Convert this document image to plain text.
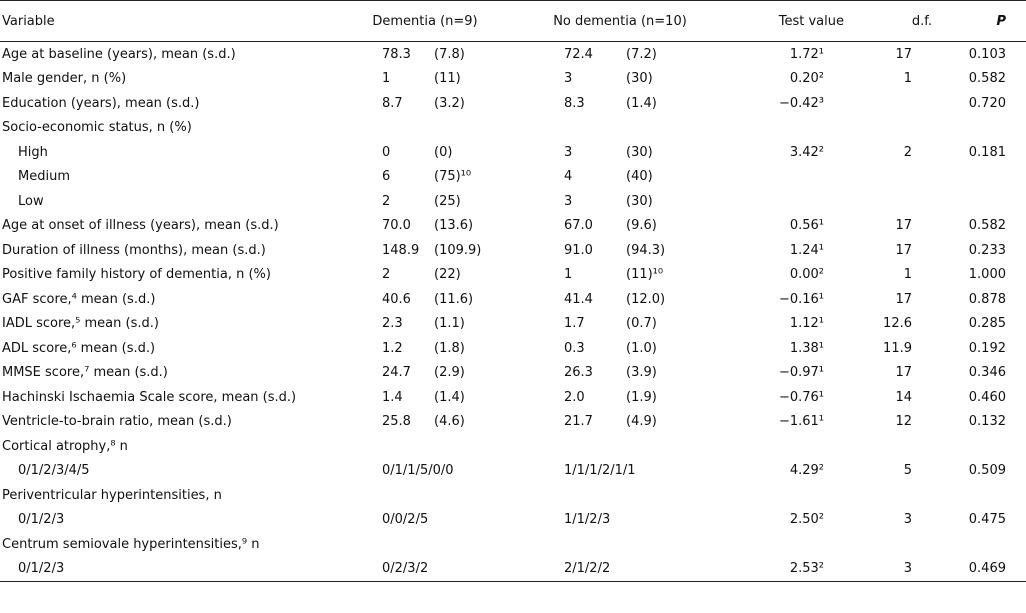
Variable	Dementia (n=9)	No dementia (n=10)	Test value	d.f.	P
Age at baseline (years), mean (s.d.)	78.3 (7.8)	72.4 (7.2)	1.72¹	17	0.103
Male gender, n (%)	1 (11)	3 (30)	0.20²	1	0.582
Education (years), mean (s.d.)	8.7 (3.2)	8.3 (1.4)	−0.42³		0.720
Socio-economic status, n (%)					
High	0 (0)	3 (30)	3.42²	2	0.181
Medium	6 (75)¹⁰	4 (40)			
Low	2 (25)	3 (30)			
Age at onset of illness (years), mean (s.d.)	70.0 (13.6)	67.0 (9.6)	0.56¹	17	0.582
Duration of illness (months), mean (s.d.)	148.9 (109.9)	91.0 (94.3)	1.24¹	17	0.233
Positive family history of dementia, n (%)	2 (22)	1 (11)¹⁰	0.00²	1	1.000
GAF score,⁴ mean (s.d.)	40.6 (11.6)	41.4 (12.0)	−0.16¹	17	0.878
IADL score,⁵ mean (s.d.)	2.3 (1.1)	1.7 (0.7)	1.12¹	12.6	0.285
ADL score,⁶ mean (s.d.)	1.2 (1.8)	0.3 (1.0)	1.38¹	11.9	0.192
MMSE score,⁷ mean (s.d.)	24.7 (2.9)	26.3 (3.9)	−0.97¹	17	0.346
Hachinski Ischaemia Scale score, mean (s.d.)	1.4 (1.4)	2.0 (1.9)	−0.76¹	14	0.460
Ventricle-to-brain ratio, mean (s.d.)	25.8 (4.6)	21.7 (4.9)	−1.61¹	12	0.132
Cortical atrophy,⁸ n					
0/1/2/3/4/5	0/1/1/5/0/0	1/1/1/2/1/1	4.29²	5	0.509
Periventricular hyperintensities, n					
0/1/2/3	0/0/2/5	1/1/2/3	2.50²	3	0.475
Centrum semiovale hyperintensities,⁹ n					
0/1/2/3	0/2/3/2	2/1/2/2	2.53²	3	0.469
